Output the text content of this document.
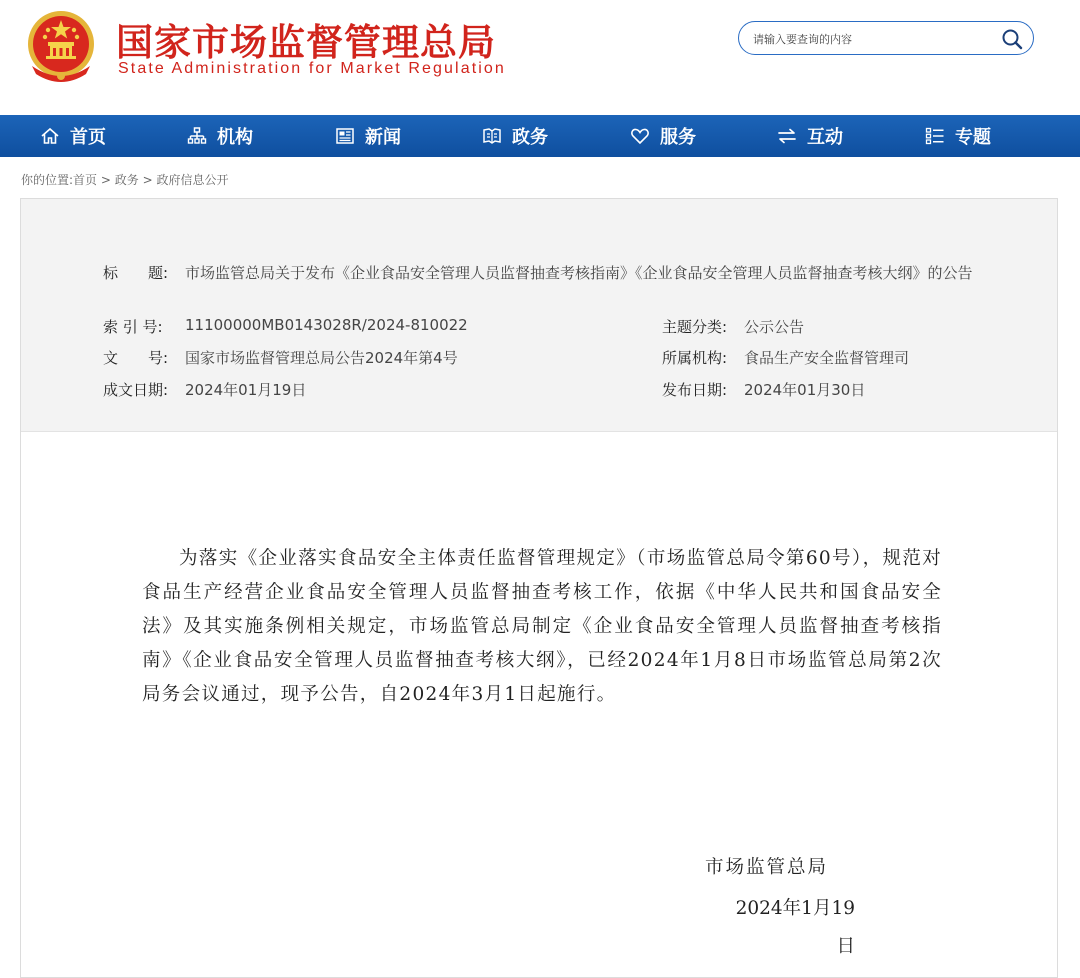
国家市场监督管理总局
State Administration for Market Regulation
请输入要查询的内容
首页	机构	新闻	政务	服务	互动	专题
你的位置:首页 > 政务 > 政府信息公开
标　　题: 市场监管总局关于发布《企业食品安全管理人员监督抽查考核指南》《企业食品安全管理人员监督抽查考核大纲》的公告
索 引 号: 11100000MB0143028R/2024-810022	主题分类: 公示公告
文　　号: 国家市场监督管理总局公告2024年第4号	所属机构: 食品生产安全监督管理司
成文日期: 2024年01月19日	发布日期: 2024年01月30日
为落实《企业落实食品安全主体责任监督管理规定》（市场监管总局令第60号），规范对食品生产经营企业食品安全管理人员监督抽查考核工作，依据《中华人民共和国食品安全法》及其实施条例相关规定，市场监管总局制定《企业食品安全管理人员监督抽查考核指南》《企业食品安全管理人员监督抽查考核大纲》，已经2024年1月8日市场监管总局第2次局务会议通过，现予公告，自2024年3月1日起施行。
市场监管总局
2024年1月19日
